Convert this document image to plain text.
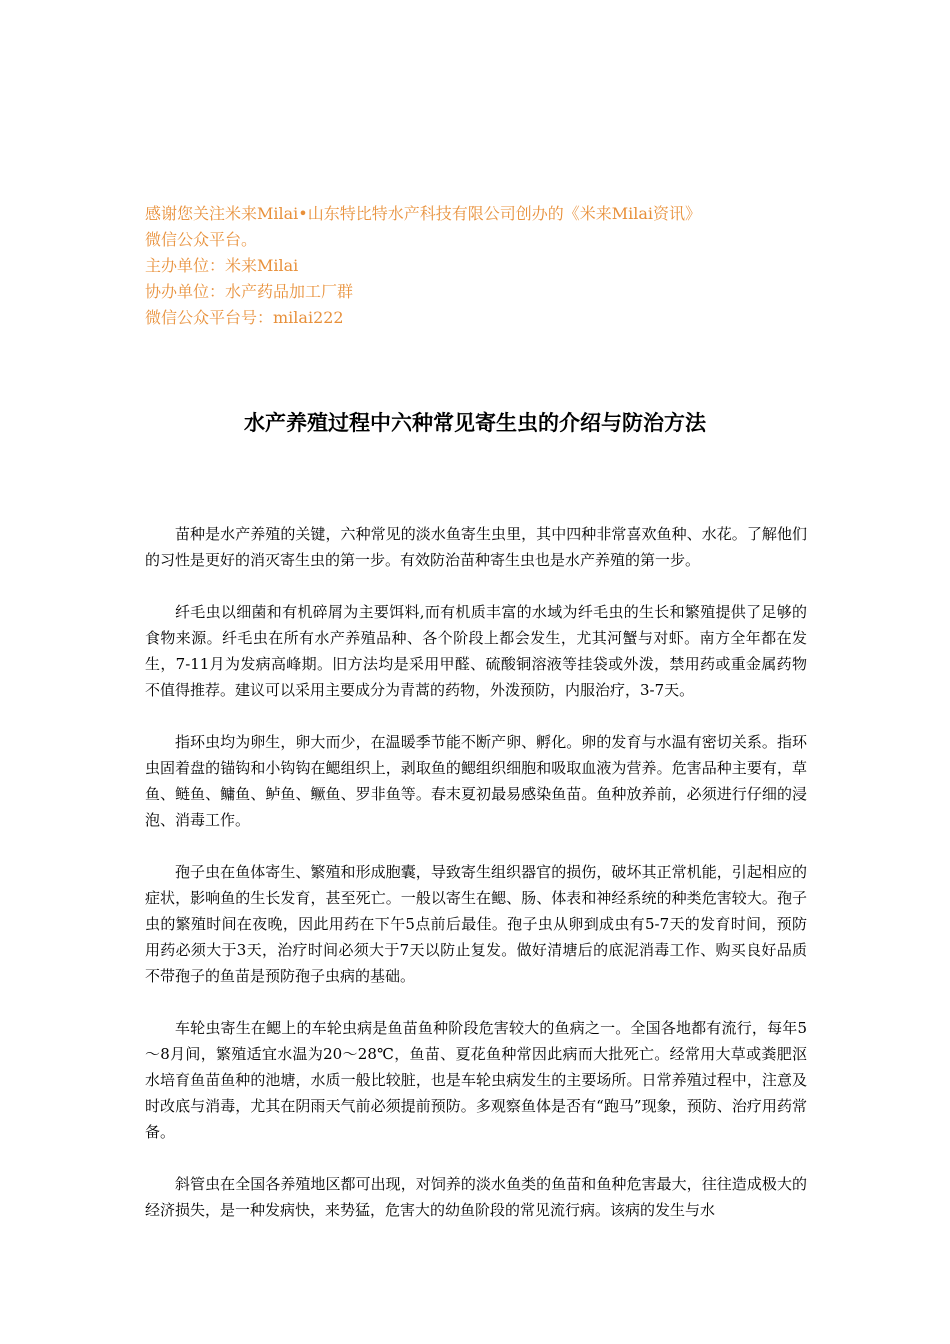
感谢您关注米来Milai•山东特比特水产科技有限公司创办的《米来Milai资讯》
微信公众平台。
主办单位：米来Milai
协办单位：水产药品加工厂群
微信公众平台号：milai222
水产养殖过程中六种常见寄生虫的介绍与防治方法

苗种是水产养殖的关键，六种常见的淡水鱼寄生虫里，其中四种非常喜欢鱼种、水花。了解他们的习性是更好的消灭寄生虫的第一步。有效防治苗种寄生虫也是水产养殖的第一步。

纤毛虫以细菌和有机碎屑为主要饵料,而有机质丰富的水域为纤毛虫的生长和繁殖提供了足够的食物来源。纤毛虫在所有水产养殖品种、各个阶段上都会发生，尤其河蟹与对虾。南方全年都在发生，7-11月为发病高峰期。旧方法均是采用甲醛、硫酸铜溶液等挂袋或外泼，禁用药或重金属药物不值得推荐。建议可以采用主要成分为青蒿的药物，外泼预防，内服治疗，3-7天。

指环虫均为卵生，卵大而少，在温暖季节能不断产卵、孵化。卵的发育与水温有密切关系。指环虫固着盘的锚钩和小钩钩在鳃组织上，剥取鱼的鳃组织细胞和吸取血液为营养。危害品种主要有，草鱼、鲢鱼、鳙鱼、鲈鱼、鳜鱼、罗非鱼等。春末夏初最易感染鱼苗。鱼种放养前，必须进行仔细的浸泡、消毒工作。

孢子虫在鱼体寄生、繁殖和形成胞囊，导致寄生组织器官的损伤，破坏其正常机能，引起相应的症状，影响鱼的生长发育，甚至死亡。一般以寄生在鳃、肠、体表和神经系统的种类危害较大。孢子虫的繁殖时间在夜晚，因此用药在下午5点前后最佳。孢子虫从卵到成虫有5-7天的发育时间，预防用药必须大于3天，治疗时间必须大于7天以防止复发。做好清塘后的底泥消毒工作、购买良好品质不带孢子的鱼苗是预防孢子虫病的基础。

车轮虫寄生在鳃上的车轮虫病是鱼苗鱼种阶段危害较大的鱼病之一。全国各地都有流行，每年5～8月间，繁殖适宜水温为20～28℃，鱼苗、夏花鱼种常因此病而大批死亡。经常用大草或粪肥沤水培育鱼苗鱼种的池塘，水质一般比较脏，也是车轮虫病发生的主要场所。日常养殖过程中，注意及时改底与消毒，尤其在阴雨天气前必须提前预防。多观察鱼体是否有“跑马”现象，预防、治疗用药常备。

斜管虫在全国各养殖地区都可出现，对饲养的淡水鱼类的鱼苗和鱼种危害最大，往往造成极大的经济损失，是一种发病快，来势猛，危害大的幼鱼阶段的常见流行病。该病的发生与水
